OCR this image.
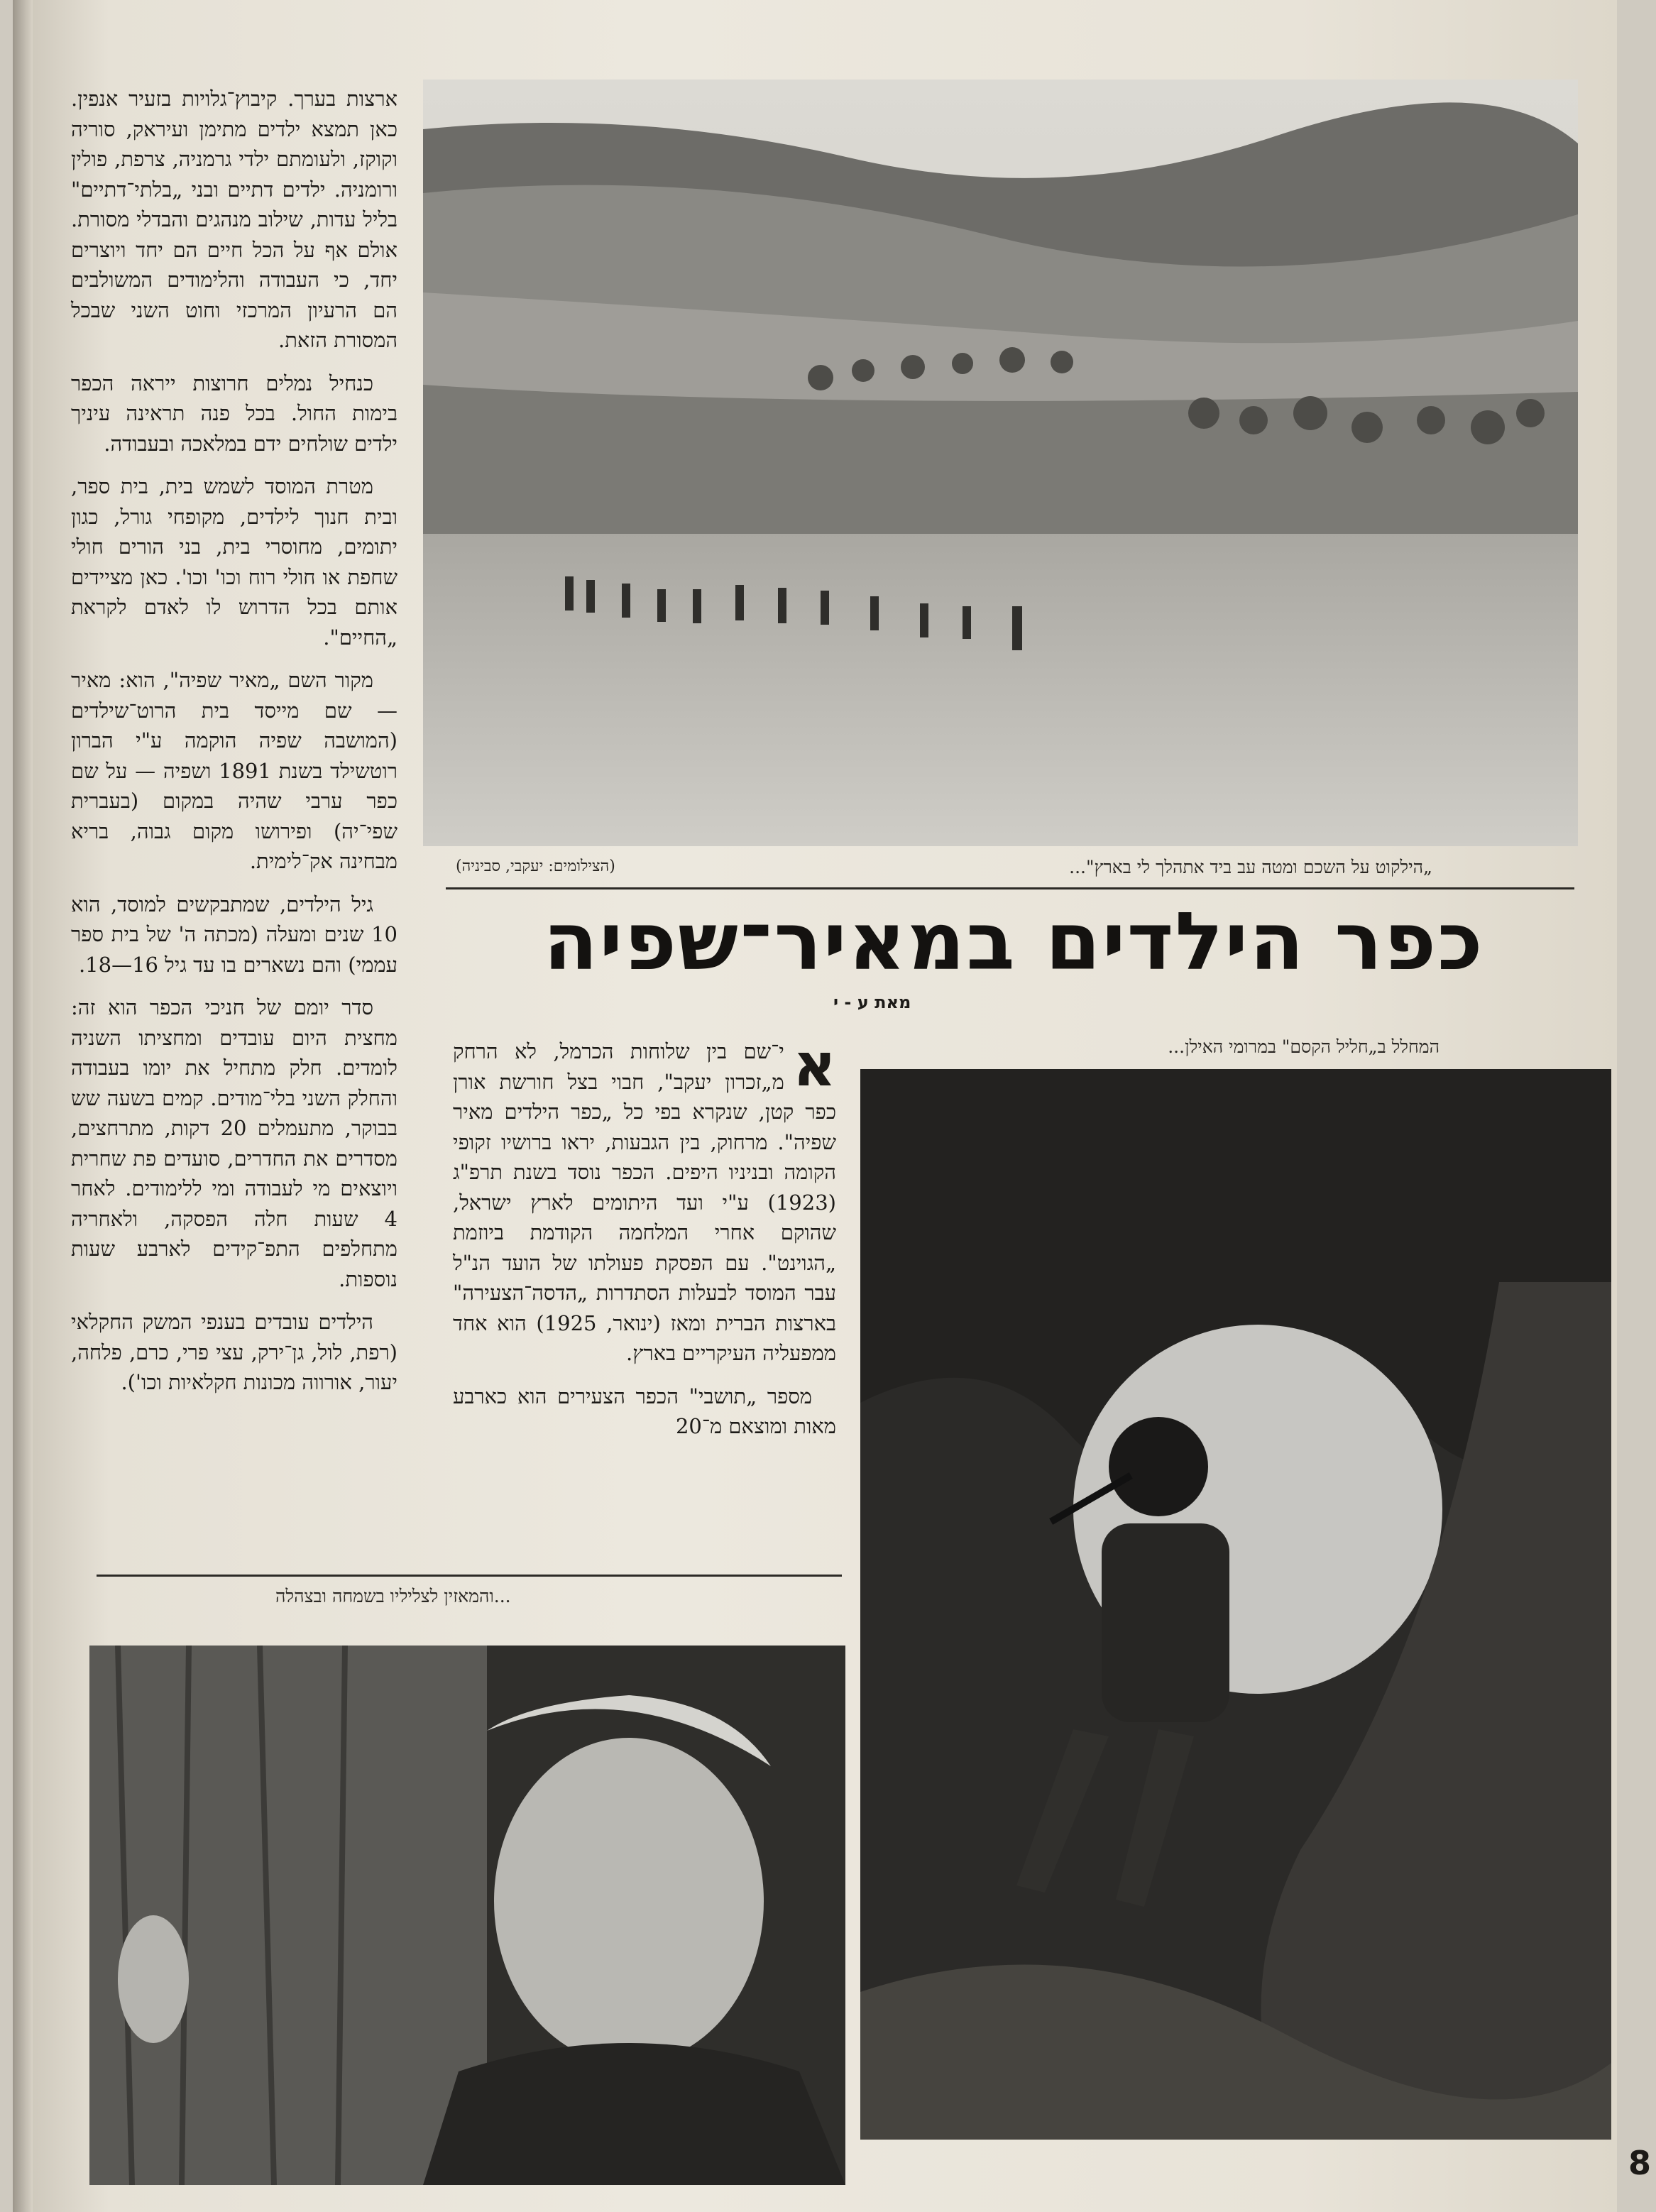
„הילקוט על השכם ומטה עב ביד אתהלך לי בארץ"...
(הצילומים: יעקבי, סביניה)
כפר הילדים במאיר־שפיה
מאת ע - י
המחלל ב„חליל הקסם" במרומי האילן...

ארצות בערך. קיבוץ־גלויות בזעיר אנפין. כאן תמצא ילדים מתימן ועיראק, סוריה וקוקז, ולעומתם ילדי גרמניה, צרפת, פולין ורומניה. ילדים דתיים ובני „בלתי־דתיים" בליל עדות, שילוב מנהגים והבדלי מסורת. אולם אף על הכל חיים הם יחד ויוצרים יחד, כי העבודה והלימודים המשולבים הם הרעיון המרכזי וחוט השני שבכל המסורת הזאת.

כנחיל נמלים חרוצות ייראה הכפר בימות החול. בכל פנה תראינה עיניך ילדים שולחים ידם במלאכה ובעבודה.

מטרת המוסד לשמש בית, בית ספר, ובית חנוך לילדים, מקופחי גורל, כגון יתומים, מחוסרי בית, בני הורים חולי שחפת או חולי רוח וכו' וכו'. כאן מציידים אותם בכל הדרוש לו לאדם לקראת „החיים".

מקור השם „מאיר שפיה", הוא: מאיר — שם מייסד בית הרוט־שילדים (המושבה שפיה הוקמה ע"י הברון רוטשילד בשנת 1891 ושפיה — על שם כפר ערבי שהיה במקום (בעברית שפי־יה) ופירושו מקום גבוה, בריא מבחינה אק־לימית.

גיל הילדים, שמתבקשים למוסד, הוא 10 שנים ומעלה (מכתה ה' של בית ספר עממי) והם נשארים בו עד גיל 16—18.

סדר יומם של חניכי הכפר הוא זה: מחצית היום עובדים ומחציתו השניה לומדים. חלק מתחיל את יומו בעבודה והחלק השני בלי־מודים. קמים בשעה שש בבוקר, מתעמלים 20 דקות, מתרחצים, מסדרים את החדרים, סועדים פת שחרית ויוצאים מי לעבודה ומי ללימודים. לאחר 4 שעות חלה הפסקה, ולאחריה מתחלפים התפ־קידים לארבע שעות נוספות.

הילדים עובדים בענפי המשק החקלאי (רפת, לול, גן־ירק, עצי פרי, כרם, פלחה, יעור, אורווה מכונות חקלאיות וכו').

א
י־שם בין שלוחות הכרמל, לא הרחק מ„זכרון יעקב", חבוי בצל חורשת אורן כפר קטן, שנקרא בפי כל „כפר הילדים מאיר שפיה". מרחוק, בין הגבעות, יראו ברושיו זקופי הקומה ובניניו היפים. הכפר נוסד בשנת תרפ"ג (1923) ע"י ועד היתומים לארץ ישראל, שהוקם אחרי המלחמה הקודמת ביוזמת „הגוינט". עם הפסקת פעולתו של הועד הנ"ל עבר המוסד לבעלות הסתדרות „הדסה־הצעירה" בארצות הברית ומאז (ינואר, 1925) הוא אחד ממפעליה העיקריים בארץ.

מספר „תושבי" הכפר הצעירים הוא כארבע מאות ומוצאם מ־20

...והמאזין לצליליו בשמחה ובצהלה
8
